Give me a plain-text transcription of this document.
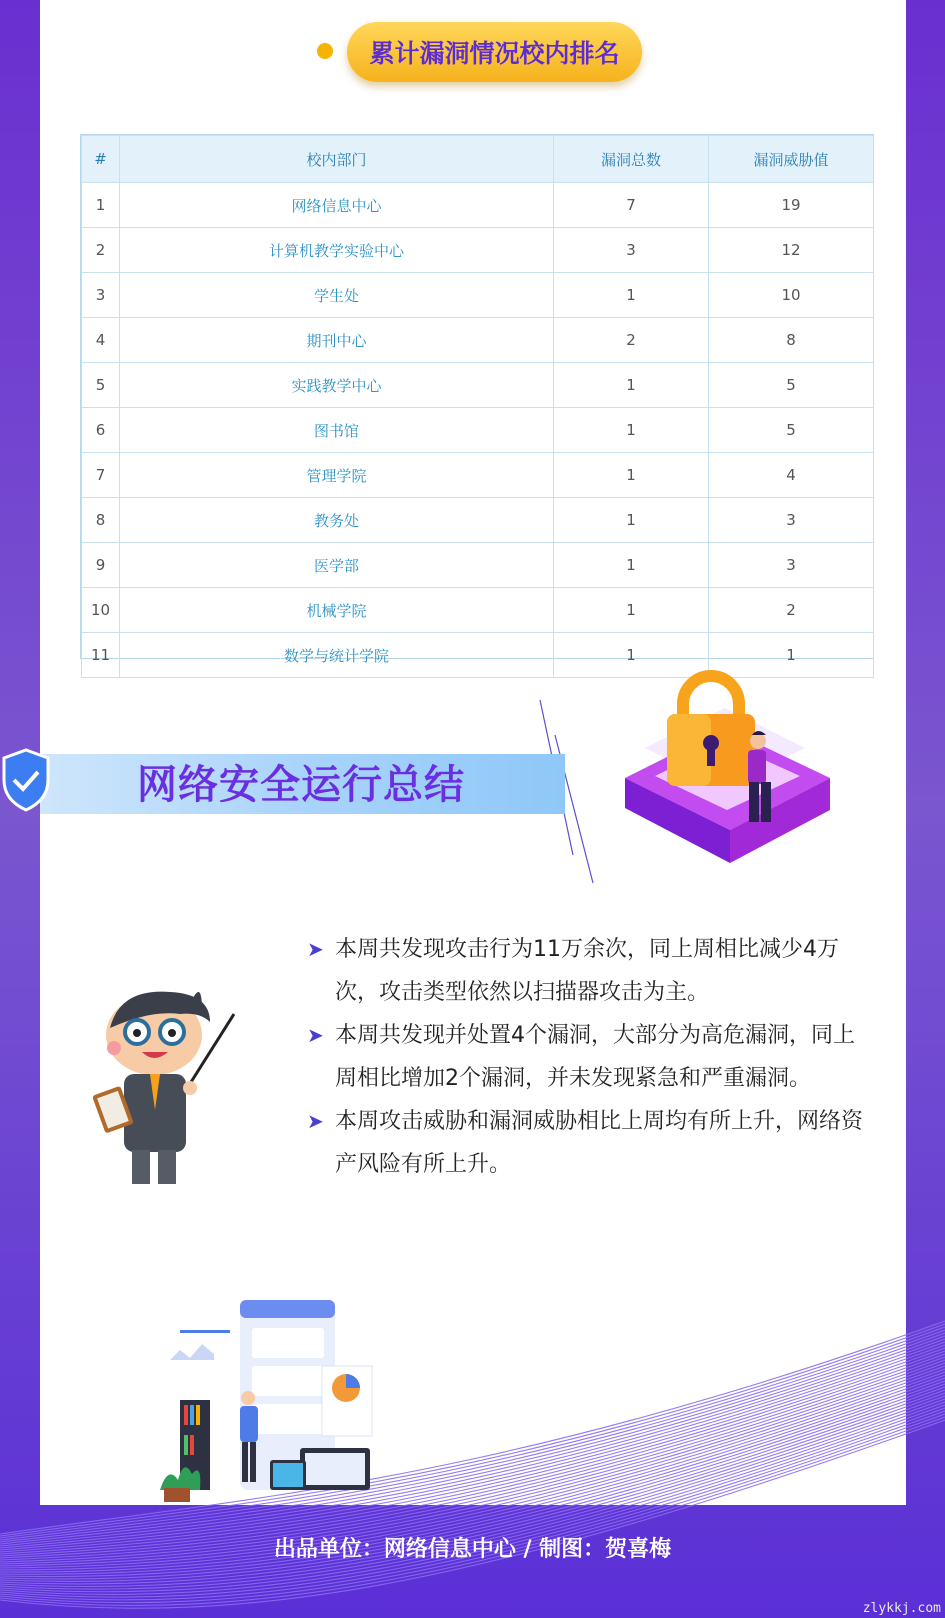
累计漏洞情况校内排名
#	校内部门	漏洞总数	漏洞威胁值
1	网络信息中心	7	19
2	计算机教学实验中心	3	12
3	学生处	1	10
4	期刊中心	2	8
5	实践教学中心	1	5
6	图书馆	1	5
7	管理学院	1	4
8	教务处	1	3
9	医学部	1	3
10	机械学院	1	2
11	数学与统计学院	1	1
网络安全运行总结
➤ 本周共发现攻击行为11万余次，同上周相比减少4万次，攻击类型依然以扫描器攻击为主。
➤ 本周共发现并处置4个漏洞，大部分为高危漏洞，同上周相比增加2个漏洞，并未发现紧急和严重漏洞。
➤ 本周攻击威胁和漏洞威胁相比上周均有所上升，网络资产风险有所上升。
出品单位：网络信息中心 / 制图：贺喜梅
zlykkj.com
